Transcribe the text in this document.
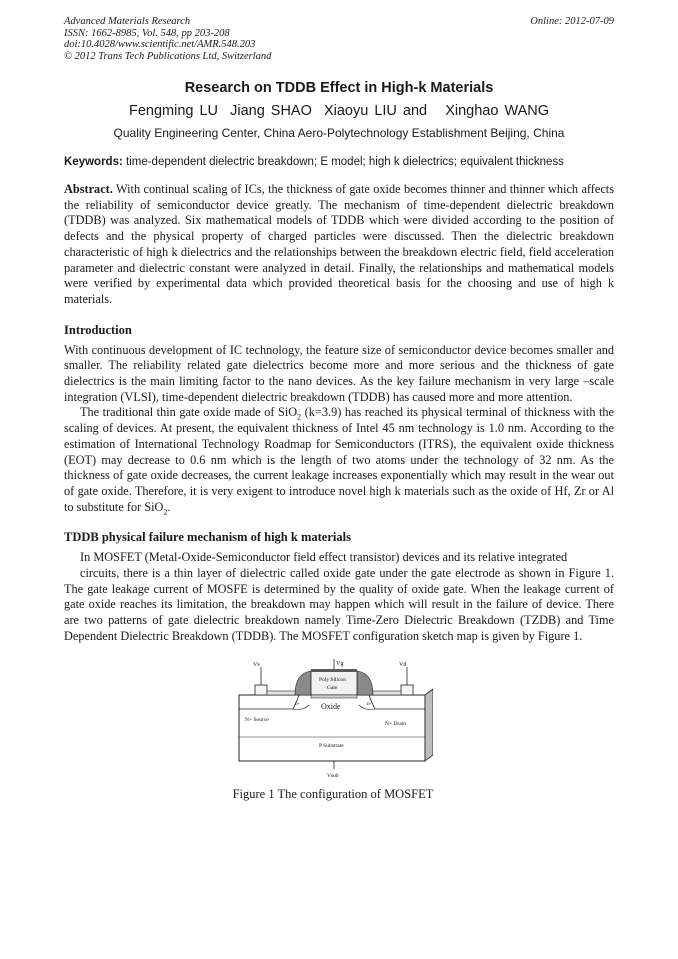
Advanced Materials Research
ISSN: 1662-8985, Vol. 548, pp 203-208
doi:10.4028/www.scientific.net/AMR.548.203
© 2012 Trans Tech Publications Ltd, Switzerland
Online: 2012-07-09
Research on TDDB Effect in High-k Materials
Fengming LU Jiang SHAO Xiaoyu LIU and Xinghao WANG
Quality Engineering Center, China Aero-Polytechnology Establishment Beijing, China
Keywords: time-dependent dielectric breakdown; E model; high k dielectrics; equivalent thickness

Abstract. With continual scaling of ICs, the thickness of gate oxide becomes thinner and thinner which affects the reliability of semiconductor device greatly. The mechanism of time-dependent dielectric breakdown (TDDB) was analyzed. Six mathematical models of TDDB which were divided according to the position of defects and the physical property of charged particles were discussed. Then the dielectric breakdown characteristic of high k dielectrics and the relationships between the breakdown electric field, field acceleration parameter and dielectric constant were analyzed in detail. Finally, the relationships and mathematical models were verified by experimental data which provided theoretical basis for the choosing and use of high k materials.

Introduction

With continuous development of IC technology, the feature size of semiconductor device becomes smaller and smaller. The reliability related gate dielectrics become more and more serious and the thickness of gate dielectrics is the main limiting factor to the nano devices. As the key failure mechanism in very large –scale integration (VLSI), time-dependent dielectric breakdown (TDDB) has caused more and more attention.

The traditional thin gate oxide made of SiO$_2$ (k=3.9) has reached its physical terminal of thickness with the scaling of devices. At present, the equivalent thickness of Intel 45 nm technology is 1.0 nm. According to the estimation of International Technology Roadmap for Semiconductors (ITRS), the equivalent oxide thickness (EOT) may decrease to 0.6 nm which is the length of two atoms under the technology of 32 nm. As the thickness of gate oxide decreases, the current leakage increases exponentially which may result in the wear out of gate oxide. Therefore, it is very exigent to introduce novel high k materials such as the oxide of Hf, Zr or Al to substitute for SiO$_2$.

TDDB physical failure mechanism of high k materials

In MOSFET (Metal-Oxide-Semiconductor field effect transistor) devices and its relative integrated

circuits, there is a thin layer of dielectric called oxide gate under the gate electrode as shown in Figure 1. The gate leakage current of MOSFE is determined by the quality of oxide gate. When the leakage current of gate oxide reaches its limitation, the breakdown may happen which will result in the failure of device. There are two patterns of gate dielectric breakdown namely Time-Zero Dielectric Breakdown (TZDB) and Time Dependent Dielectric Breakdown (TDDB). The MOSFET configuration sketch map is given by Figure 1.

Vs	Vg	Vd
Poly Silicon
Gate
n-	n-
Oxide
N+ Source
N+ Drain
P Substrate
Vsub
Figure 1 The configuration of MOSFET
